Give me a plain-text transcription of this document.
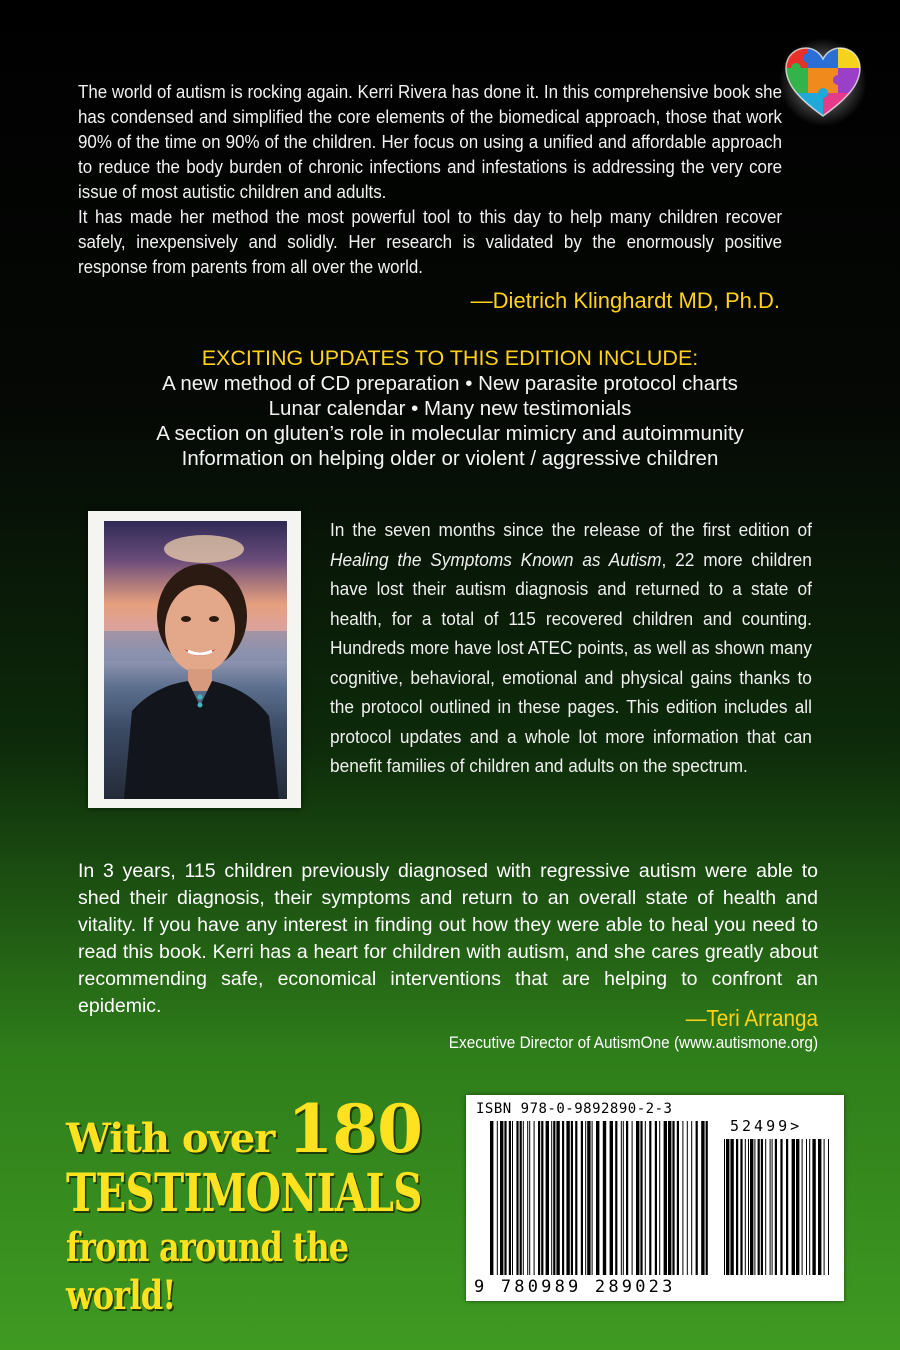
The world of autism is rocking again. Kerri Rivera has done it. In this comprehensive book she has condensed and simplified the core elements of the biomedical approach, those that work 90% of the time on 90% of the children. Her focus on using a unified and affordable approach to reduce the body burden of chronic infections and infestations is addressing the very core issue of most autistic children and adults.

It has made her method the most powerful tool to this day to help many children recover safely, inexpensively and solidly. Her research is validated by the enormously positive response from parents from all over the world.

—Dietrich Klinghardt MD, Ph.D.
EXCITING UPDATES TO THIS EDITION INCLUDE:
A new method of CD preparation • New parasite protocol charts
Lunar calendar • Many new testimonials
A section on gluten’s role in molecular mimicry and autoimmunity
Information on helping older or violent / aggressive children
In the seven months since the release of the first edition of Healing the Symptoms Known as Autism, 22 more children have lost their autism diagnosis and returned to a state of health, for a total of 115 recovered children and counting. Hundreds more have lost ATEC points, as well as shown many cognitive, behavioral, emotional and physical gains thanks to the protocol outlined in these pages. This edition includes all protocol updates and a whole lot more information that can benefit families of children and adults on the spectrum.
In 3 years, 115 children previously diagnosed with regressive autism were able to shed their diagnosis, their symptoms and return to an overall state of health and vitality. If you have any interest in finding out how they were able to heal you need to read this book. Kerri has a heart for children with autism, and she cares greatly about recommending safe, economical interventions that are helping to confront an epidemic.	—Teri Arranga
Executive Director of AutismOne (www.autismone.org)
With over 180
TESTIMONIALS
from around the world!
ISBN 978-0-9892890-2-3
52499>
9 780989 289023
